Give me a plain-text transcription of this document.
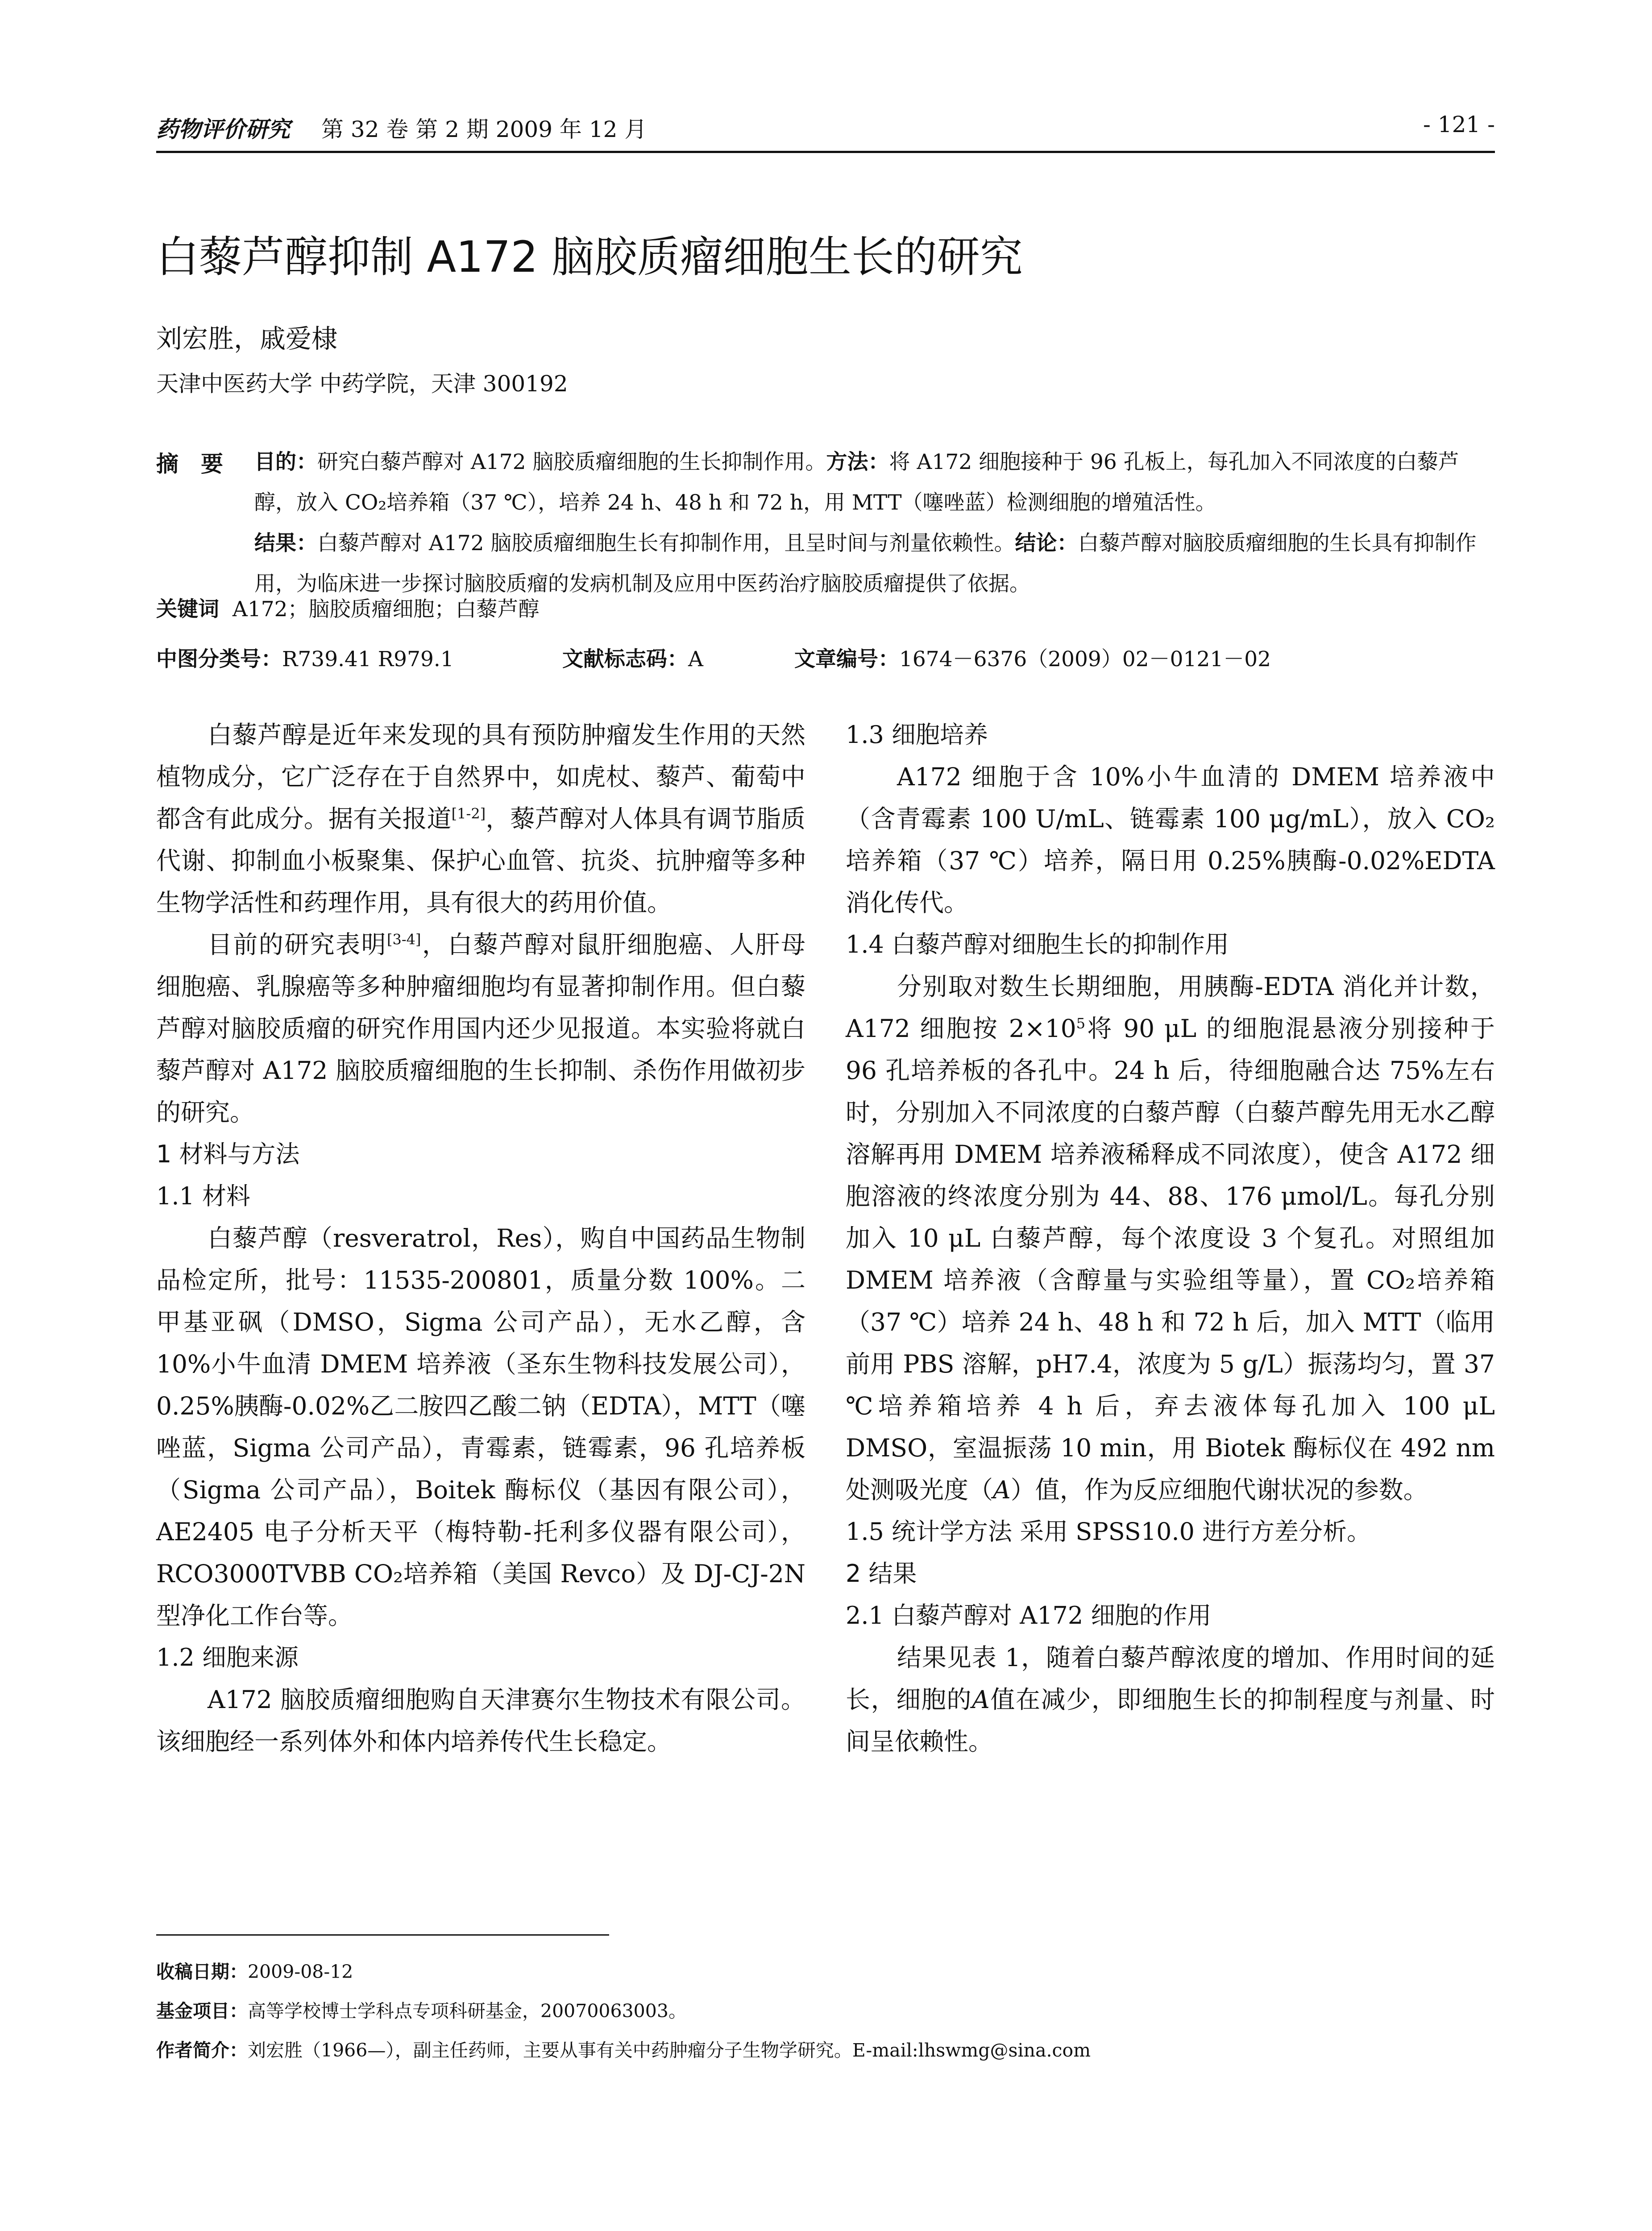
药物评价研究 第 32 卷 第 2 期 2009 年 12 月	- 121 -
白藜芦醇抑制 A172 脑胶质瘤细胞生长的研究
刘宏胜，戚爱棣
天津中医药大学 中药学院，天津 300192
摘要 目的：研究白藜芦醇对 A172 脑胶质瘤细胞的生长抑制作用。方法：将 A172 细胞接种于 96 孔板上，每孔加入不同浓度的白藜芦醇，放入 CO₂培养箱（37 ℃），培养 24 h、48 h 和 72 h，用 MTT（噻唑蓝）检测细胞的增殖活性。

结果：白藜芦醇对 A172 脑胶质瘤细胞生长有抑制作用，且呈时间与剂量依赖性。结论：白藜芦醇对脑胶质瘤细胞的生长具有抑制作用，为临床进一步探讨脑胶质瘤的发病机制及应用中医药治疗脑胶质瘤提供了依据。

关键词 A172；脑胶质瘤细胞；白藜芦醇
中图分类号：R739.41 R979.1	文献标志码：A	文章编号：1674－6376（2009）02－0121－02

白藜芦醇是近年来发现的具有预防肿瘤发生作用的天然植物成分，它广泛存在于自然界中，如虎杖、藜芦、葡萄中都含有此成分。据有关报道[1-2]，藜芦醇对人体具有调节脂质代谢、抑制血小板聚集、保护心血管、抗炎、抗肿瘤等多种生物学活性和药理作用，具有很大的药用价值。

目前的研究表明[3-4]，白藜芦醇对鼠肝细胞癌、人肝母细胞癌、乳腺癌等多种肿瘤细胞均有显著抑制作用。但白藜芦醇对脑胶质瘤的研究作用国内还少见报道。本实验将就白藜芦醇对 A172 脑胶质瘤细胞的生长抑制、杀伤作用做初步的研究。

1 材料与方法

1.1 材料

白藜芦醇（resveratrol，Res），购自中国药品生物制品检定所，批号：11535-200801，质量分数 100%。二甲基亚砜（DMSO，Sigma 公司产品），无水乙醇，含 10%小牛血清 DMEM 培养液（圣东生物科技发展公司），0.25%胰酶-0.02%乙二胺四乙酸二钠（EDTA），MTT（噻唑蓝，Sigma 公司产品），青霉素，链霉素，96 孔培养板（Sigma 公司产品），Boitek 酶标仪（基因有限公司），AE2405 电子分析天平（梅特勒-托利多仪器有限公司），RCO3000TVBB CO₂培养箱（美国 Revco）及 DJ-CJ-2N 型净化工作台等。

1.2 细胞来源

A172 脑胶质瘤细胞购自天津赛尔生物技术有限公司。该细胞经一系列体外和体内培养传代生长稳定。

1.3 细胞培养

A172 细胞于含 10%小牛血清的 DMEM 培养液中（含青霉素 100 U/mL、链霉素 100 μg/mL），放入 CO₂培养箱（37 ℃）培养，隔日用 0.25%胰酶-0.02%EDTA 消化传代。

1.4 白藜芦醇对细胞生长的抑制作用

分别取对数生长期细胞，用胰酶-EDTA 消化并计数，A172 细胞按 $2\times 10^5$将 90 μL 的细胞混悬液分别接种于 96 孔培养板的各孔中。24 h 后，待细胞融合达 75%左右时，分别加入不同浓度的白藜芦醇（白藜芦醇先用无水乙醇溶解再用 DMEM 培养液稀释成不同浓度），使含 A172 细胞溶液的终浓度分别为 44、88、176 μmol/L。每孔分别加入 10 μL 白藜芦醇，每个浓度设 3 个复孔。对照组加 DMEM 培养液（含醇量与实验组等量），置 CO₂培养箱（37 ℃）培养 24 h、48 h 和 72 h 后，加入 MTT（临用前用 PBS 溶解，pH7.4，浓度为 5 g/L）振荡均匀，置 37 ℃培养箱培养 4 h 后，弃去液体每孔加入 100 μL DMSO，室温振荡 10 min，用 Biotek 酶标仪在 492 nm 处测吸光度（A）值，作为反应细胞代谢状况的参数。

1.5 统计学方法 采用 SPSS10.0 进行方差分析。

2 结果

2.1 白藜芦醇对 A172 细胞的作用

结果见表 1，随着白藜芦醇浓度的增加、作用时间的延长，细胞的A值在减少，即细胞生长的抑制程度与剂量、时间呈依赖性。

收稿日期：2009-08-12

基金项目：高等学校博士学科点专项科研基金，20070063003。

作者简介：刘宏胜（1966—），副主任药师，主要从事有关中药肿瘤分子生物学研究。E-mail:lhswmg@sina.com
